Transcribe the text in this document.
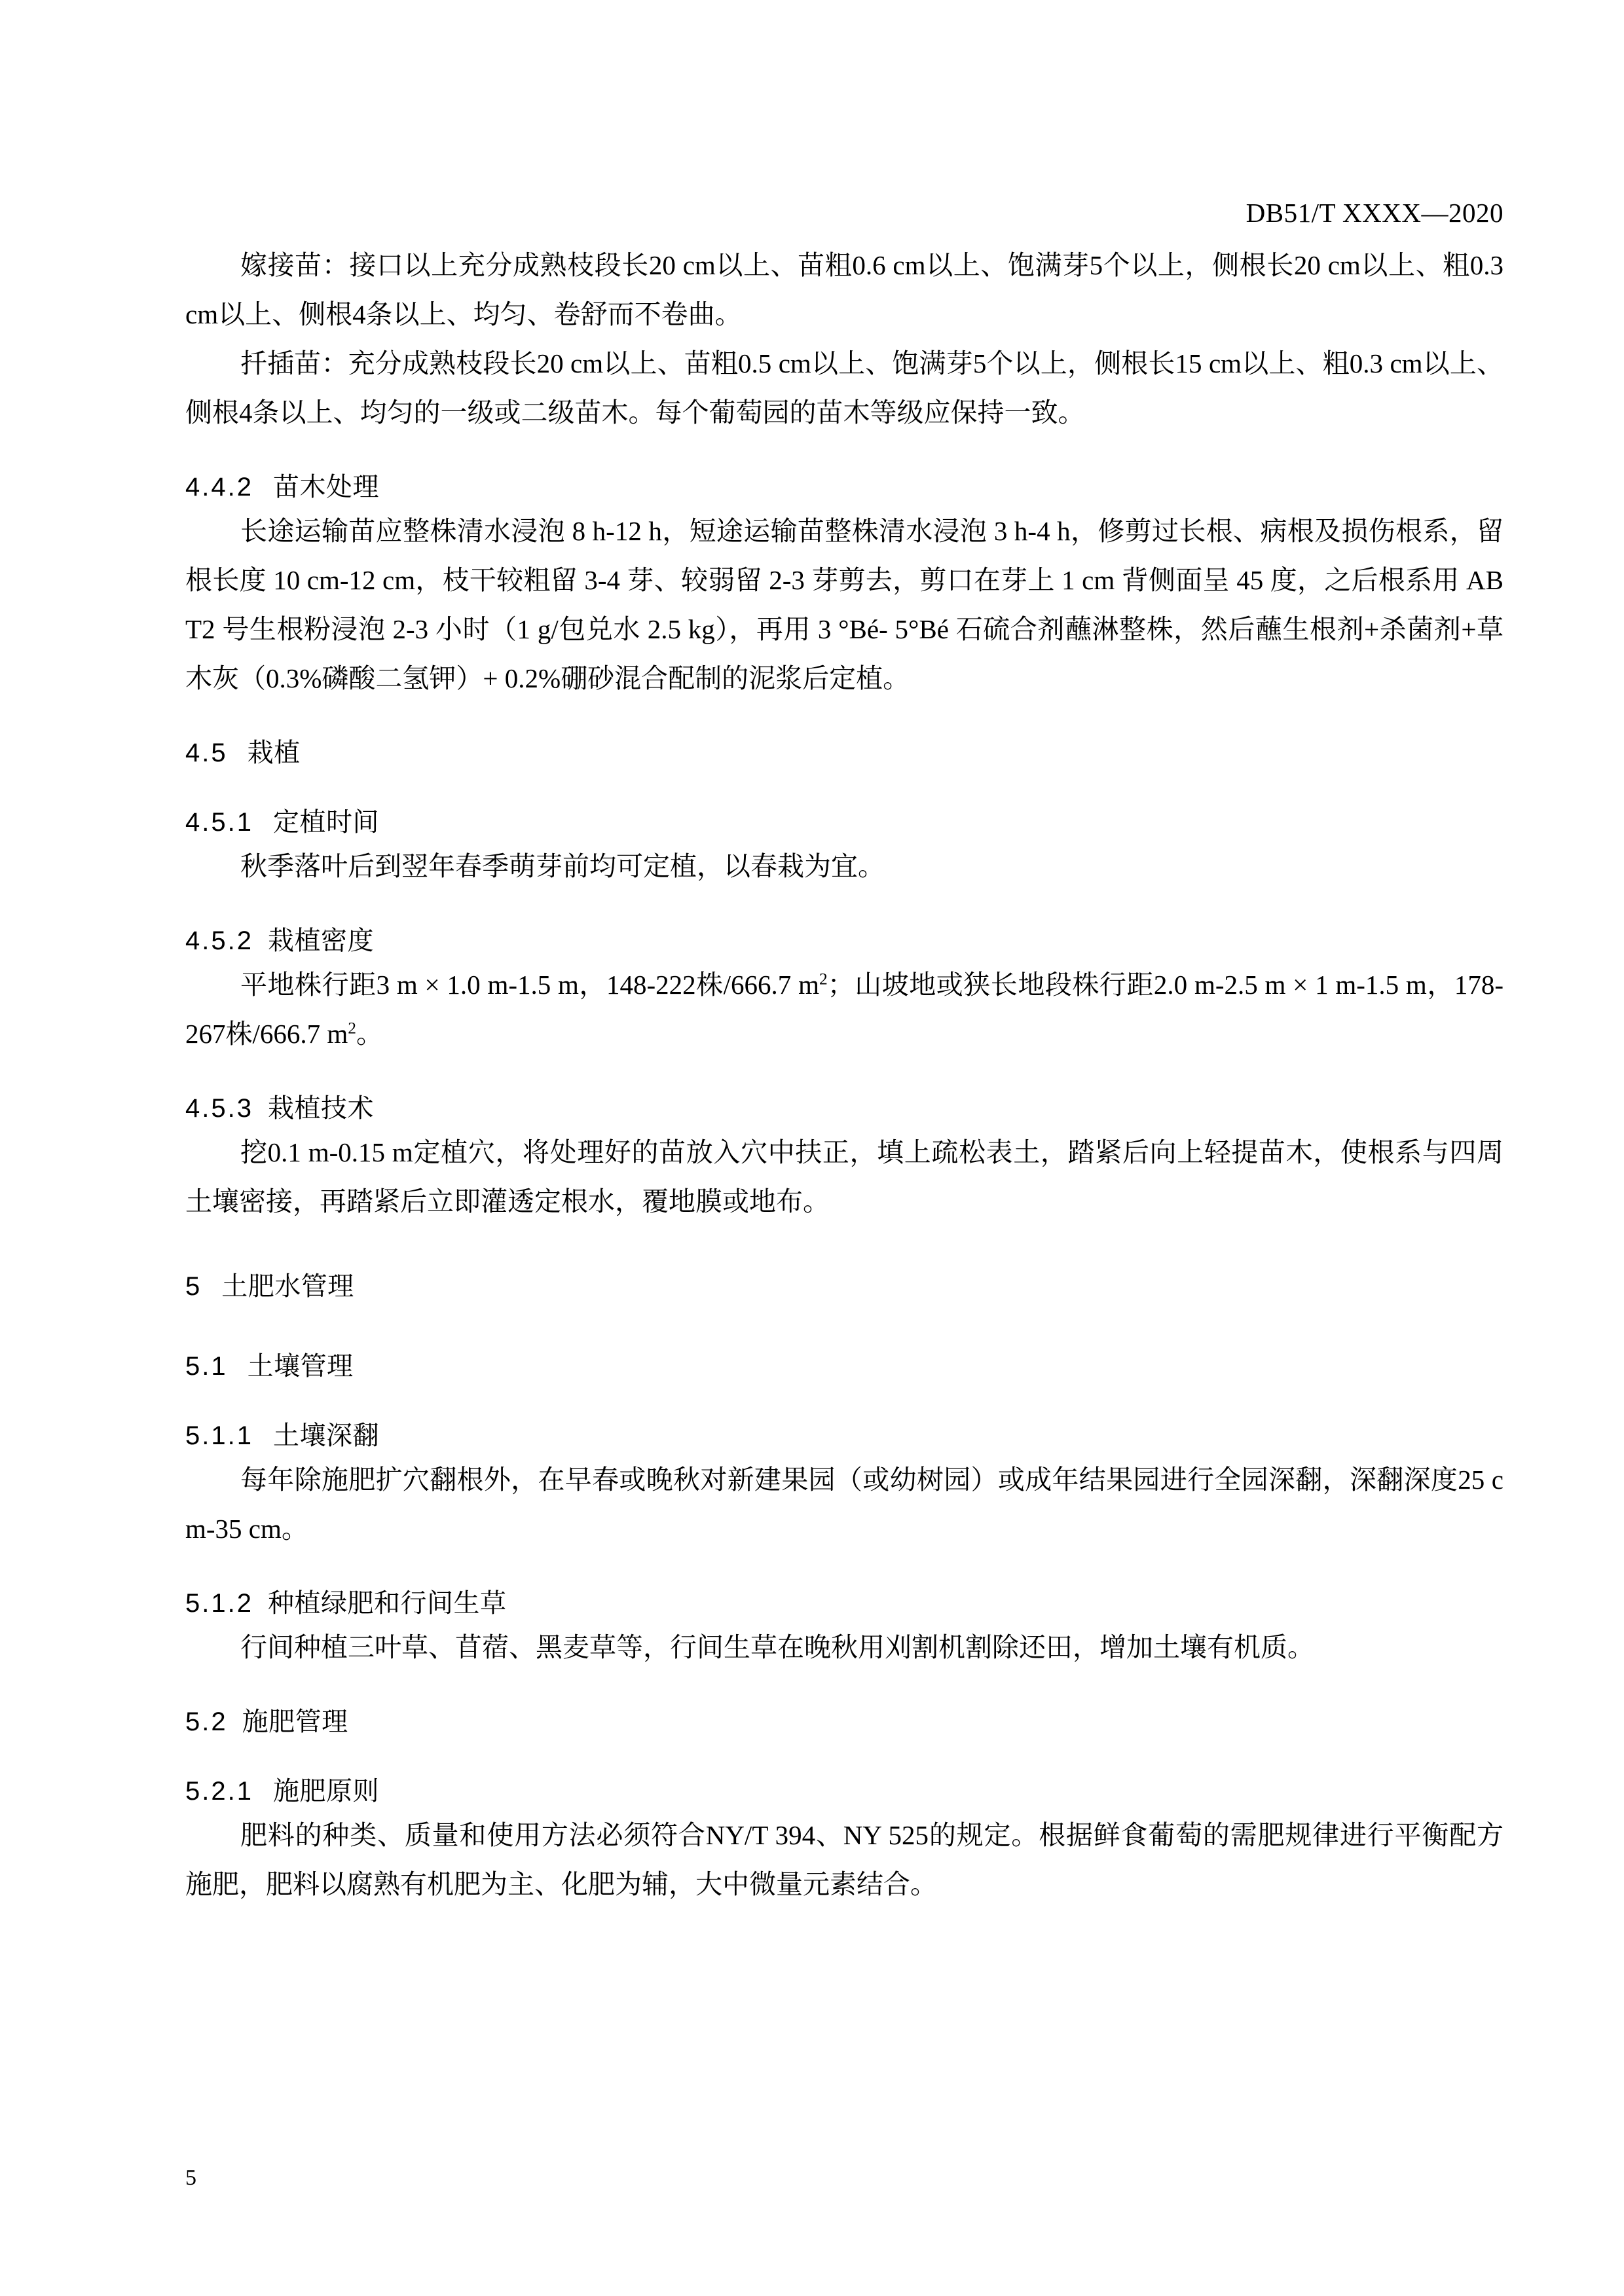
DB51/T XXXX—2020

嫁接苗：接口以上充分成熟枝段长20 cm以上、苗粗0.6 cm以上、饱满芽5个以上，侧根长20 cm以上、粗0.3 cm以上、侧根4条以上、均匀、卷舒而不卷曲。

扦插苗：充分成熟枝段长20 cm以上、苗粗0.5 cm以上、饱满芽5个以上，侧根长15 cm以上、粗0.3 cm以上、侧根4条以上、均匀的一级或二级苗木。每个葡萄园的苗木等级应保持一致。

4.4.2 苗木处理

长途运输苗应整株清水浸泡 8 h-12 h，短途运输苗整株清水浸泡 3 h-4 h，修剪过长根、病根及损伤根系，留根长度 10 cm-12 cm，枝干较粗留 3-4 芽、较弱留 2-3 芽剪去，剪口在芽上 1 cm 背侧面呈 45 度，之后根系用 ABT2 号生根粉浸泡 2-3 小时（1 g/包兑水 2.5 kg），再用 3 °Bé- 5°Bé 石硫合剂蘸淋整株，然后蘸生根剂+杀菌剂+草木灰（0.3%磷酸二氢钾）+ 0.2%硼砂混合配制的泥浆后定植。

4.5 栽植
4.5.1 定植时间

秋季落叶后到翌年春季萌芽前均可定植，以春栽为宜。

4.5.2 栽植密度

平地株行距3 m × 1.0 m-1.5 m，148-222株/666.7 $m^2$；山坡地或狭长地段株行距2.0 m-2.5 m × 1 m-1.5 m，178-267株/666.7 $m^2$。

4.5.3 栽植技术

挖0.1 m-0.15 m定植穴，将处理好的苗放入穴中扶正，填上疏松表土，踏紧后向上轻提苗木，使根系与四周土壤密接，再踏紧后立即灌透定根水，覆地膜或地布。

5 土肥水管理
5.1 土壤管理
5.1.1 土壤深翻

每年除施肥扩穴翻根外，在早春或晚秋对新建果园（或幼树园）或成年结果园进行全园深翻，深翻深度25 cm-35 cm。

5.1.2 种植绿肥和行间生草

行间种植三叶草、苜蓿、黑麦草等，行间生草在晚秋用刈割机割除还田，增加土壤有机质。

5.2 施肥管理
5.2.1 施肥原则

肥料的种类、质量和使用方法必须符合NY/T 394、NY 525的规定。根据鲜食葡萄的需肥规律进行平衡配方施肥，肥料以腐熟有机肥为主、化肥为辅，大中微量元素结合。

5
